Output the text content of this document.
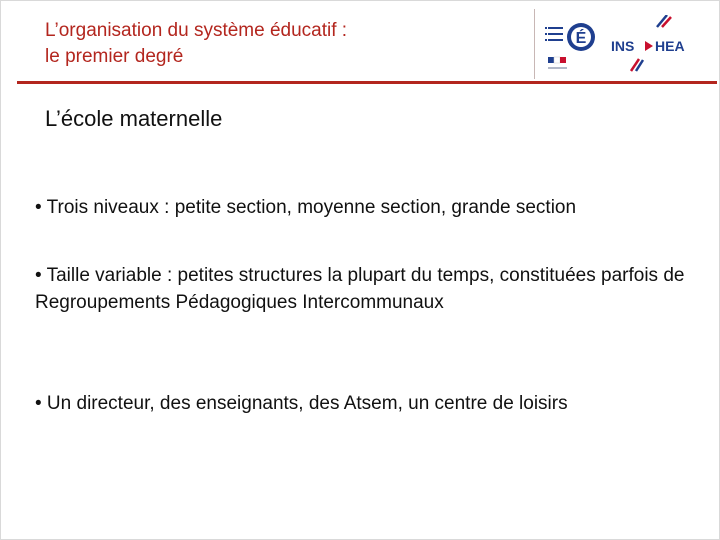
L’organisation du système éducatif :
le premier degré
É INS HEA
L’école maternelle

• Trois niveaux : petite section, moyenne section, grande section

• Taille variable : petites structures la plupart du temps, constituées parfois de Regroupements Pédagogiques Intercommunaux

• Un directeur, des enseignants, des Atsem, un centre de loisirs
